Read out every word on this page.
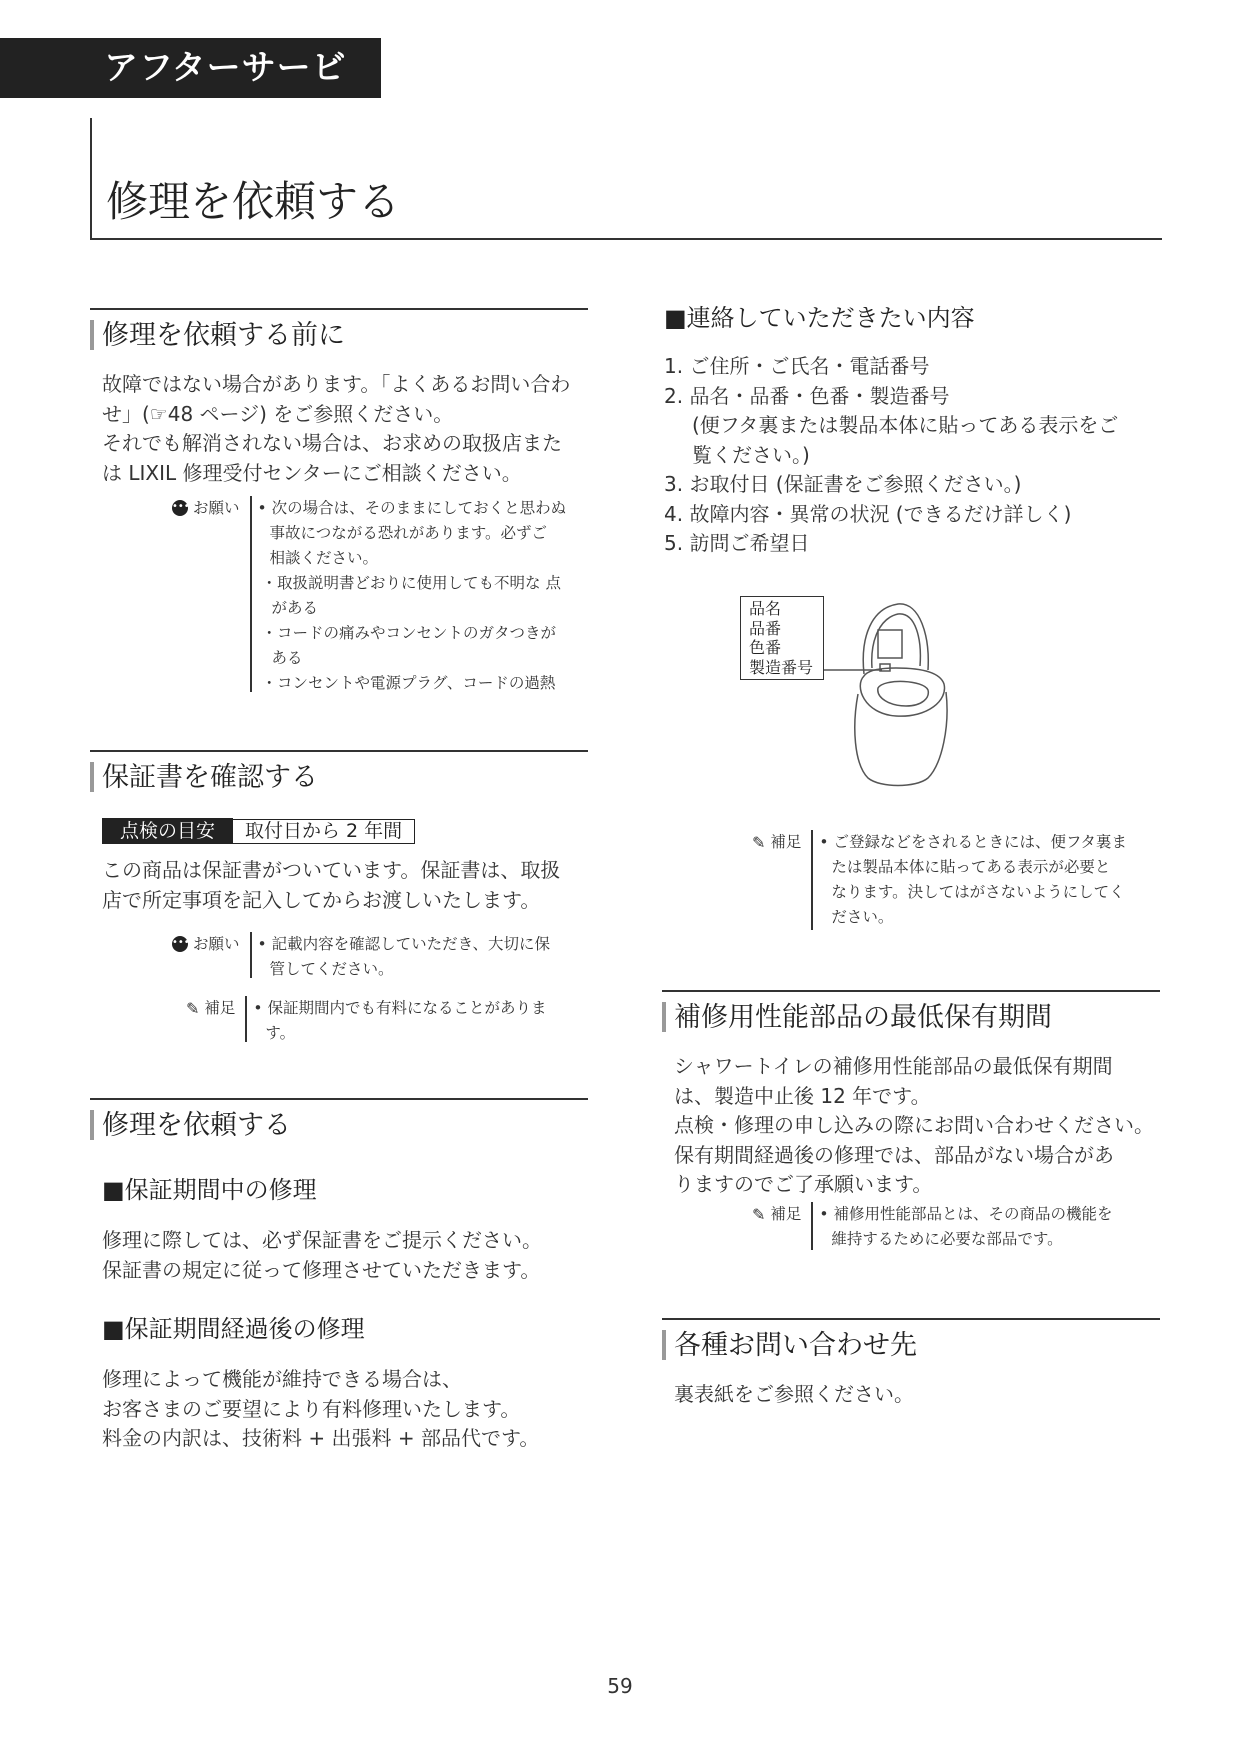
アフターサービス
修理を依頼する
修理を依頼する前に

故障ではない場合があります。「よくあるお問い合わ

せ」(☞48 ページ) をご参照ください。

それでも解消されない場合は、お求めの取扱店また

は LIXIL 修理受付センターにご相談ください。

••• お願い • 次の場合は、そのままにしておくと思わぬ

事故につながる恐れがあります。必ずご

相談ください。

・取扱説明書どおりに使用しても不明な 点がある

・コードの痛みやコンセントのガタつきが ある

・コンセントや電源プラグ、コードの過熱

保証書を確認する
点検の目安	取付日から 2 年間

この商品は保証書がついています。保証書は、取扱

店で所定事項を記入してからお渡しいたします。

••• お願い • 記載内容を確認していただき、大切に保

管してください。

✎ 補足 • 保証期間内でも有料になることがありま

す。

修理を依頼する
■保証期間中の修理

修理に際しては、必ず保証書をご提示ください。

保証書の規定に従って修理させていただきます。

■保証期間経過後の修理

修理によって機能が維持できる場合は、

お客さまのご要望により有料修理いたします。

料金の内訳は、技術料 + 出張料 + 部品代です。

■連絡していただきたい内容
1. ご住所・ご氏名・電話番号
2. 品名・品番・色番・製造番号
(便フタ裏または製品本体に貼ってある表示をご
覧ください。)
3. お取付日 (保証書をご参照ください。)
4. 故障内容・異常の状況 (できるだけ詳しく)
5. 訪問ご希望日
品名
品番
色番
製造番号
✎ 補足 • ご登録などをされるときには、便フタ裏ま

たは製品本体に貼ってある表示が必要と

なります。決してはがさないようにしてく

ださい。

補修用性能部品の最低保有期間

シャワートイレの補修用性能部品の最低保有期間

は、製造中止後 12 年です。

点検・修理の申し込みの際にお問い合わせください。

保有期間経過後の修理では、部品がない場合があ

りますのでご了承願います。

✎ 補足 • 補修用性能部品とは、その商品の機能を

維持するために必要な部品です。

各種お問い合わせ先

裏表紙をご参照ください。

59
